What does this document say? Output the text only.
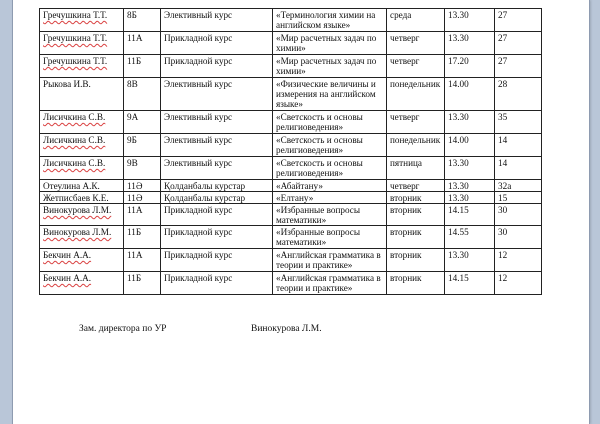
Гречушкина Т.Т.	8Б	Элективный курс	«Терминология химии на английском языке»	среда	13.30	27
Гречушкина Т.Т.	11А	Прикладной курс	«Мир расчетных задач по химии»	четверг	13.30	27
Гречушкина Т.Т.	11Б	Прикладной курс	«Мир расчетных задач по химии»	четверг	17.20	27
Рыкова И.В.	8В	Элективный курс	«Физические величины и измерения на английском языке»	понедельник	14.00	28
Лисичкина С.В.	9А	Элективный курс	«Светскость и основы религиоведения»	четверг	13.30	35
Лисичкина С.В.	9Б	Элективный курс	«Светскость и основы религиоведения»	понедельник	14.00	14
Лисичкина С.В.	9В	Элективный курс	«Светскость и основы религиоведения»	пятница	13.30	14
Отеулина А.К.	11Ә	Қолданбалы курстар	«Абайтану»	четверг	13.30	32а
Жетписбаев К.Е.	11Ә	Қолданбалы курстар	«Елтану»	вторник	13.30	15
Винокурова Л.М.	11А	Прикладной курс	«Избранные вопросы математики»	вторник	14.15	30
Винокурова Л.М.	11Б	Прикладной курс	«Избранные вопросы математики»	вторник	14.55	30
Бекчин А.А.	11А	Прикладной курс	«Английская грамматика в теории и практике»	вторник	13.30	12
Бекчин А.А.	11Б	Прикладной курс	«Английская грамматика в теории и практике»	вторник	14.15	12
Зам. директора по УР	Винокурова Л.М.
